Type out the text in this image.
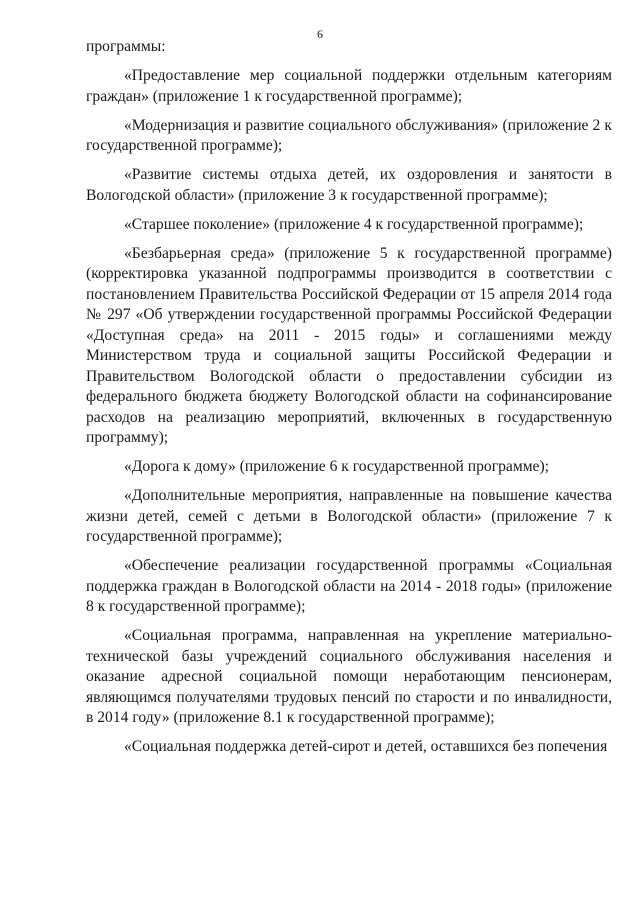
6

программы:

«Предоставление мер социальной поддержки отдельным категориям граждан» (приложение 1 к государственной программе);

«Модернизация и развитие социального обслуживания» (приложение 2 к государственной программе);

«Развитие системы отдыха детей, их оздоровления и занятости в Вологодской области» (приложение 3 к государственной программе);

«Старшее поколение» (приложение 4 к государственной программе);

«Безбарьерная среда» (приложение 5 к государственной программе) (корректировка указанной подпрограммы производится в соответствии с постановлением Правительства Российской Федерации от 15 апреля 2014 года № 297 «Об утверждении государственной программы Российской Федерации «Доступная среда» на 2011 - 2015 годы» и соглашениями между Министерством труда и социальной защиты Российской Федерации и Правительством Вологодской области о предоставлении субсидии из федерального бюджета бюджету Вологодской области на софинансирование расходов на реализацию мероприятий, включенных в государственную программу);

«Дорога к дому» (приложение 6 к государственной программе);

«Дополнительные мероприятия, направленные на повышение качества жизни детей, семей с детьми в Вологодской области» (приложение 7 к государственной программе);

«Обеспечение реализации государственной программы «Социальная поддержка граждан в Вологодской области на 2014 - 2018 годы» (приложение 8 к государственной программе);

«Социальная программа, направленная на укрепление материально- технической базы учреждений социального обслуживания населения и оказание адресной социальной помощи неработающим пенсионерам, являющимся получателями трудовых пенсий по старости и по инвалидности, в 2014 году» (приложение 8.1 к государственной программе);

«Социальная поддержка детей-сирот и детей, оставшихся без попечения
